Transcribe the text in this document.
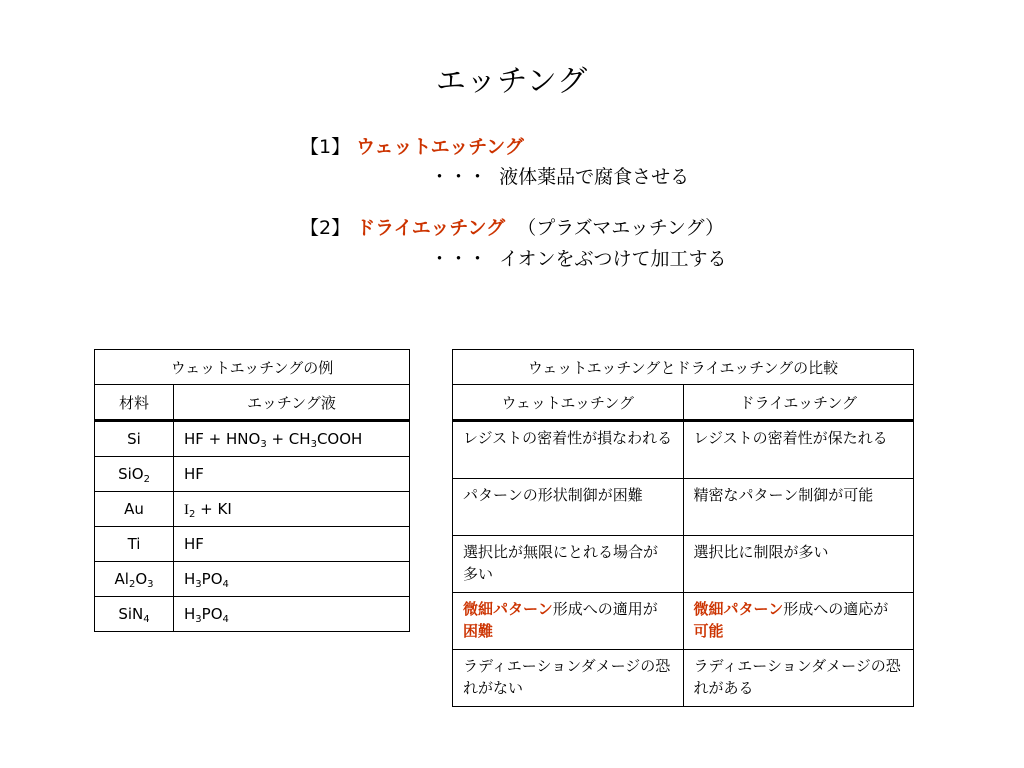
エッチング
【1】 ウェットエッチング
・・・ 液体薬品で腐食させる
【2】 ドライエッチング （プラズマエッチング）
・・・ イオンをぶつけて加工する
ウェットエッチングの例	
材料	エッチング液
Si	HF + $HNO_3$ + $CH_3COOH$
SiO$_2$	HF
Au	$I_2$ + KI
Ti	HF
$Al_2O_3$	$H_3PO_4$
SiN$_4$	$H_3PO_4$
ウェットエッチングとドライエッチングの比較	
ウェットエッチング	ドライエッチング
レジストの密着性が損なわれる	レジストの密着性が保たれる
パターンの形状制御が困難	精密なパターン制御が可能
選択比が無限にとれる場合が多い	選択比に制限が多い
微細パターン形成への適用が困難	微細パターン形成への適応が可能
ラディエーションダメージの恐れがない	ラディエーションダメージの恐れがある
